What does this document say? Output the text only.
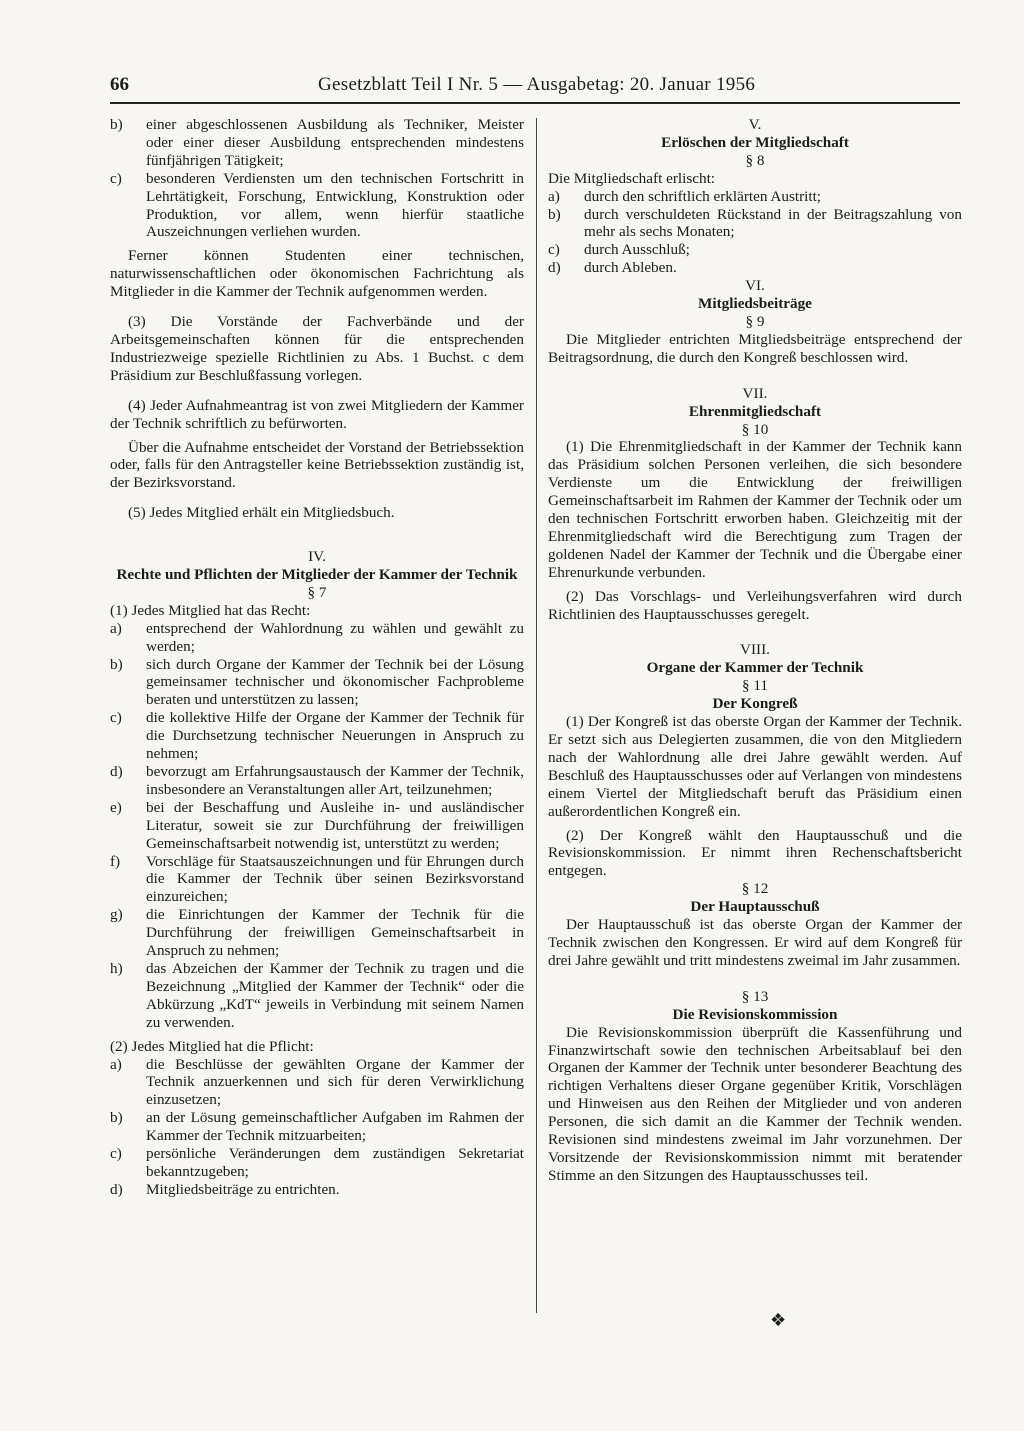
66	Gesetzblatt Teil I Nr. 5 — Ausgabetag: 20. Januar 1956

b) einer abgeschlossenen Ausbildung als Techniker, Meister oder einer dieser Ausbildung entsprechenden mindestens fünfjährigen Tätigkeit;

c) besonderen Verdiensten um den technischen Fortschritt in Lehrtätigkeit, Forschung, Entwicklung, Konstruktion oder Produktion, vor allem, wenn hierfür staatliche Auszeichnungen verliehen wurden.

Ferner können Studenten einer technischen, naturwissenschaftlichen oder ökonomischen Fachrichtung als Mitglieder in die Kammer der Technik aufgenommen werden.

(3) Die Vorstände der Fachverbände und der Arbeitsgemeinschaften können für die entsprechenden Industriezweige spezielle Richtlinien zu Abs. 1 Buchst. c dem Präsidium zur Beschlußfassung vorlegen.

(4) Jeder Aufnahmeantrag ist von zwei Mitgliedern der Kammer der Technik schriftlich zu befürworten.

Über die Aufnahme entscheidet der Vorstand der Betriebssektion oder, falls für den Antragsteller keine Betriebssektion zuständig ist, der Bezirksvorstand.

(5) Jedes Mitglied erhält ein Mitgliedsbuch.

IV.

Rechte und Pflichten der Mitglieder der Kammer der Technik

§ 7

(1) Jedes Mitglied hat das Recht:

a) entsprechend der Wahlordnung zu wählen und gewählt zu werden;

b) sich durch Organe der Kammer der Technik bei der Lösung gemeinsamer technischer und ökonomischer Fachprobleme beraten und unterstützen zu lassen;

c) die kollektive Hilfe der Organe der Kammer der Technik für die Durchsetzung technischer Neuerungen in Anspruch zu nehmen;

d) bevorzugt am Erfahrungsaustausch der Kammer der Technik, insbesondere an Veranstaltungen aller Art, teilzunehmen;

e) bei der Beschaffung und Ausleihe in- und ausländischer Literatur, soweit sie zur Durchführung der freiwilligen Gemeinschaftsarbeit notwendig ist, unterstützt zu werden;

f) Vorschläge für Staatsauszeichnungen und für Ehrungen durch die Kammer der Technik über seinen Bezirksvorstand einzureichen;

g) die Einrichtungen der Kammer der Technik für die Durchführung der freiwilligen Gemeinschaftsarbeit in Anspruch zu nehmen;

h) das Abzeichen der Kammer der Technik zu tragen und die Bezeichnung „Mitglied der Kammer der Technik“ oder die Abkürzung „KdT“ jeweils in Verbindung mit seinem Namen zu verwenden.

(2) Jedes Mitglied hat die Pflicht:

a) die Beschlüsse der gewählten Organe der Kammer der Technik anzuerkennen und sich für deren Verwirklichung einzusetzen;

b) an der Lösung gemeinschaftlicher Aufgaben im Rahmen der Kammer der Technik mitzuarbeiten;

c) persönliche Veränderungen dem zuständigen Sekretariat bekanntzugeben;

d) Mitgliedsbeiträge zu entrichten.

V.

Erlöschen der Mitgliedschaft

§ 8

Die Mitgliedschaft erlischt:

a) durch den schriftlich erklärten Austritt;

b) durch verschuldeten Rückstand in der Beitragszahlung von mehr als sechs Monaten;

c) durch Ausschluß;

d) durch Ableben.

VI.

Mitgliedsbeiträge

§ 9

Die Mitglieder entrichten Mitgliedsbeiträge entsprechend der Beitragsordnung, die durch den Kongreß beschlossen wird.

VII.

Ehrenmitgliedschaft

§ 10

(1) Die Ehrenmitgliedschaft in der Kammer der Technik kann das Präsidium solchen Personen verleihen, die sich besondere Verdienste um die Entwicklung der freiwilligen Gemeinschaftsarbeit im Rahmen der Kammer der Technik oder um den technischen Fortschritt erworben haben. Gleichzeitig mit der Ehrenmitgliedschaft wird die Berechtigung zum Tragen der goldenen Nadel der Kammer der Technik und die Übergabe einer Ehrenurkunde verbunden.

(2) Das Vorschlags- und Verleihungsverfahren wird durch Richtlinien des Hauptausschusses geregelt.

VIII.

Organe der Kammer der Technik

§ 11

Der Kongreß

(1) Der Kongreß ist das oberste Organ der Kammer der Technik. Er setzt sich aus Delegierten zusammen, die von den Mitgliedern nach der Wahlordnung alle drei Jahre gewählt werden. Auf Beschluß des Hauptausschusses oder auf Verlangen von mindestens einem Viertel der Mitgliedschaft beruft das Präsidium einen außerordentlichen Kongreß ein.

(2) Der Kongreß wählt den Hauptausschuß und die Revisionskommission. Er nimmt ihren Rechenschaftsbericht entgegen.

§ 12

Der Hauptausschuß

Der Hauptausschuß ist das oberste Organ der Kammer der Technik zwischen den Kongressen. Er wird auf dem Kongreß für drei Jahre gewählt und tritt mindestens zweimal im Jahr zusammen.

§ 13

Die Revisionskommission

Die Revisionskommission überprüft die Kassenführung und Finanzwirtschaft sowie den technischen Arbeitsablauf bei den Organen der Kammer der Technik unter besonderer Beachtung des richtigen Verhaltens dieser Organe gegenüber Kritik, Vorschlägen und Hinweisen aus den Reihen der Mitglieder und von anderen Personen, die sich damit an die Kammer der Technik wenden. Revisionen sind mindestens zweimal im Jahr vorzunehmen. Der Vorsitzende der Revisionskommission nimmt mit beratender Stimme an den Sitzungen des Hauptausschusses teil.

❖
